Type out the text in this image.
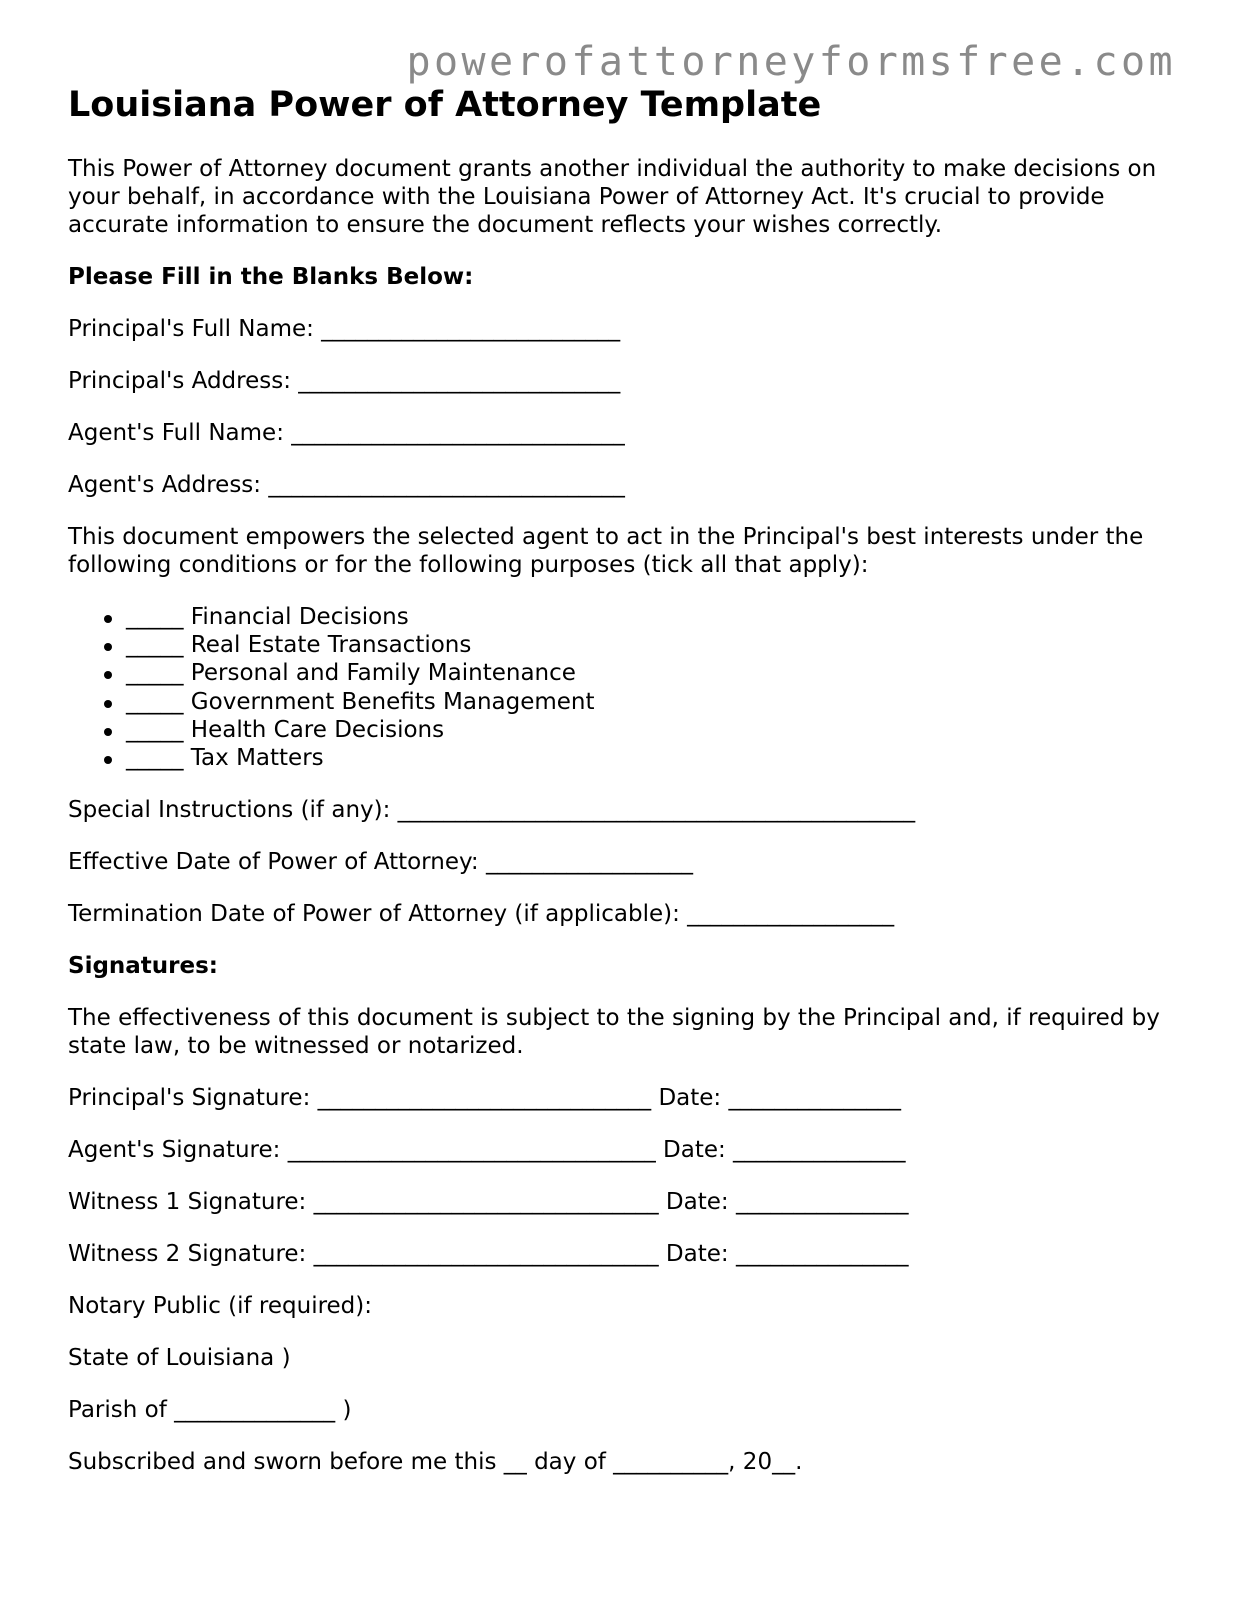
powerofattorneyformsfree.com
Louisiana Power of Attorney Template

This Power of Attorney document grants another individual the authority to make decisions on your behalf, in accordance with the Louisiana Power of Attorney Act. It's crucial to provide accurate information to ensure the document reflects your wishes correctly.

Please Fill in the Blanks Below:

Principal's Full Name: __________________________

Principal's Address: ____________________________

Agent's Full Name: _____________________________

Agent's Address: _______________________________

This document empowers the selected agent to act in the Principal's best interests under the following conditions or for the following purposes (tick all that apply):

_____ Financial Decisions
_____ Real Estate Transactions
_____ Personal and Family Maintenance
_____ Government Benefits Management
_____ Health Care Decisions
_____ Tax Matters

Special Instructions (if any): _____________________________________________

Effective Date of Power of Attorney: __________________

Termination Date of Power of Attorney (if applicable): __________________

Signatures:

The effectiveness of this document is subject to the signing by the Principal and, if required by state law, to be witnessed or notarized.

Principal's Signature: _____________________________ Date: _______________

Agent's Signature: ________________________________ Date: _______________

Witness 1 Signature: ______________________________ Date: _______________

Witness 2 Signature: ______________________________ Date: _______________

Notary Public (if required):

State of Louisiana )

Parish of ______________ )

Subscribed and sworn before me this __ day of __________, 20__.
